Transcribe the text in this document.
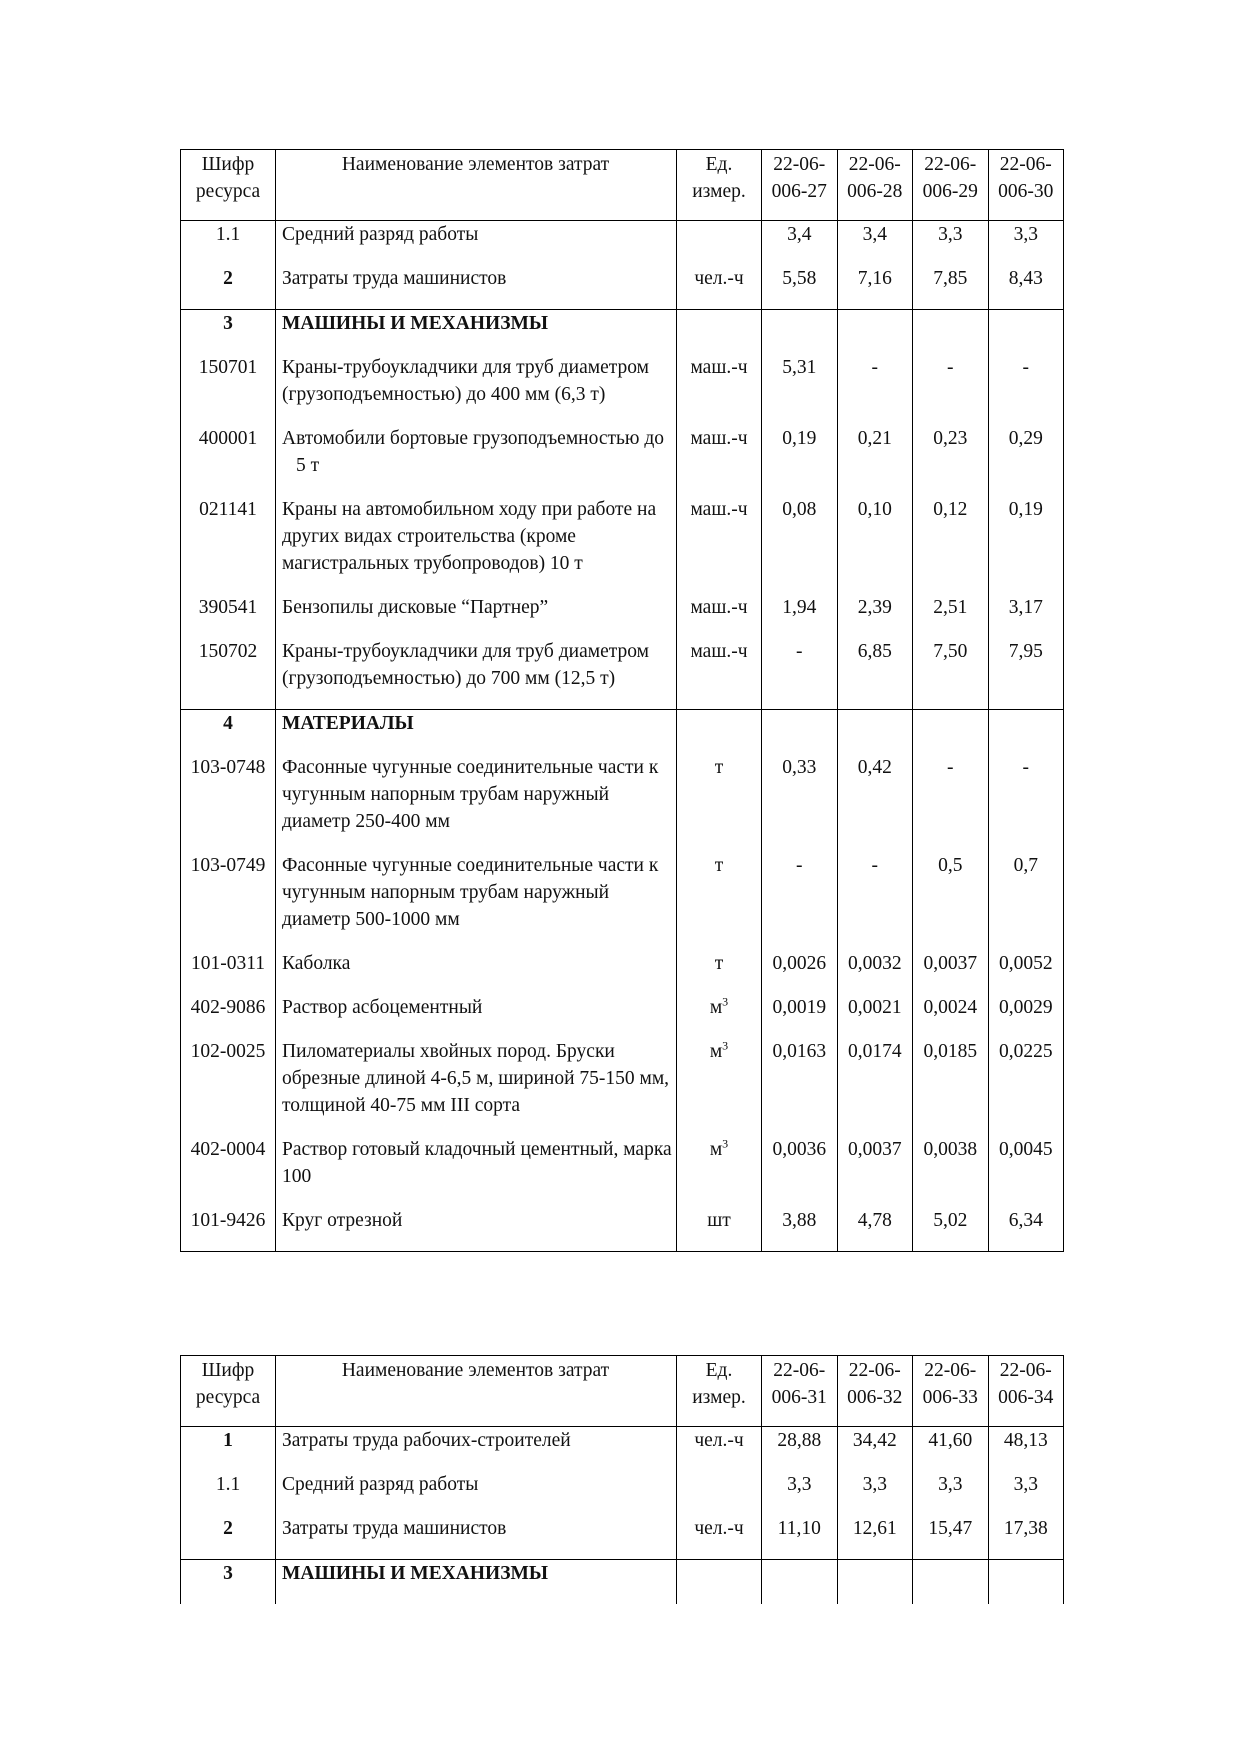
Шифр ресурса	Наименование элементов затрат	Ед. измер.	22-06-006-27	22-06-006-28	22-06-006-29	22-06-006-30
1.1	Средний разряд работы		3,4	3,4	3,3	3,3
2	Затраты труда машинистов	чел.-ч	5,58	7,16	7,85	8,43
3	МАШИНЫ И МЕХАНИЗМЫ					
150701	Краны-трубоукладчики для труб диаметром (грузоподъемностью) до 400 мм (6,3 т)	маш.-ч	5,31	-	-	-
400001	Автомобили бортовые грузоподъемностью до 5 т	маш.-ч	0,19	0,21	0,23	0,29
021141	Краны на автомобильном ходу при работе на других видах строительства (кроме магистральных трубопроводов) 10 т	маш.-ч	0,08	0,10	0,12	0,19
390541	Бензопилы дисковые “Партнер”	маш.-ч	1,94	2,39	2,51	3,17
150702	Краны-трубоукладчики для труб диаметром (грузоподъемностью) до 700 мм (12,5 т)	маш.-ч	-	6,85	7,50	7,95
4	МАТЕРИАЛЫ					
103-0748	Фасонные чугунные соединительные части к чугунным напорным трубам наружный диаметр 250-400 мм	т	0,33	0,42	-	-
103-0749	Фасонные чугунные соединительные части к чугунным напорным трубам наружный диаметр 500-1000 мм	т	-	-	0,5	0,7
101-0311	Каболка	т	0,0026	0,0032	0,0037	0,0052
402-9086	Раствор асбоцементный	$м^3$	0,0019	0,0021	0,0024	0,0029
102-0025	Пиломатериалы хвойных пород. Бруски обрезные длиной 4-6,5 м, шириной 75-150 мм, толщиной 40-75 мм III сорта	$м^3$	0,0163	0,0174	0,0185	0,0225
402-0004	Раствор готовый кладочный цементный, марка 100	$м^3$	0,0036	0,0037	0,0038	0,0045
101-9426	Круг отрезной	шт	3,88	4,78	5,02	6,34
Шифр ресурса	Наименование элементов затрат	Ед. измер.	22-06-006-31	22-06-006-32	22-06-006-33	22-06-006-34
1	Затраты труда рабочих-строителей	чел.-ч	28,88	34,42	41,60	48,13
1.1	Средний разряд работы		3,3	3,3	3,3	3,3
2	Затраты труда машинистов	чел.-ч	11,10	12,61	15,47	17,38
3	МАШИНЫ И МЕХАНИЗМЫ					
